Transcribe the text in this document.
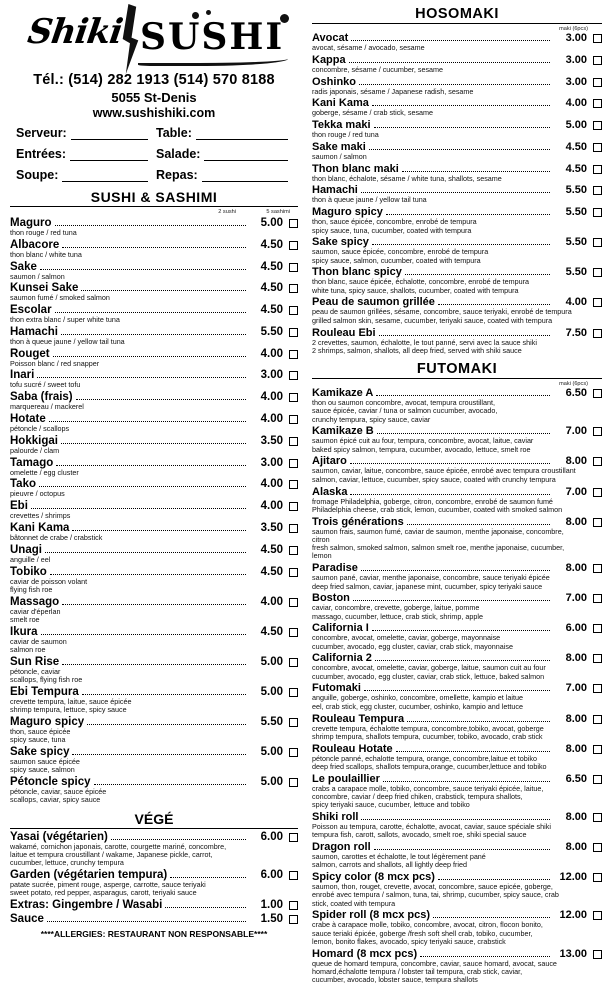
Shiki SUSHI
Tél.: (514) 282 1913 (514) 570 8188
5055 St-Denis
www.sushishiki.com
Serveur:	Table:
Entrées:	Salade:
Soupe:	Repas:
SUSHI & SASHIMI
2 sushi	5 sashimi
Maguro	5.00
thon rouge / red tuna
Albacore	4.50
thon blanc / white tuna
Sake	4.50
saumon / salmon
Kunsei Sake	4.50
saumon fumé / smoked salmon
Escolar	4.50
thon extra blanc / super white tuna
Hamachi	5.50
thon à queue jaune / yellow tail tuna
Rouget	4.00
Poisson blanc / red snapper
Inari	3.00
tofu sucré / sweet tofu
Saba (frais)	4.00
marquereau / mackerel
Hotate	4.00
pétoncle / scallops
Hokkigai	3.50
palourde / clam
Tamago	3.00
omelette / egg cluster
Tako	4.00
pieuvre / octopus
Ebi	4.00
crevettes / shrimps
Kani Kama	3.50
bâtonnet de crabe / crabstick
Unagi	4.50
anguille / eel
Tobiko	4.50
caviar de poisson volant
flying fish roe
Massago	4.00
caviar d'éperlan
smelt roe
Ikura	4.50
caviar de saumon
salmon roe
Sun Rise	5.00
pétoncle, caviar
scallops, flying fish roe
Ebi Tempura	5.00
crevette tempura, laitue, sauce épicée
shrimp tempura, lettuce, spicy sauce
Maguro spicy	5.50
thon, sauce épicée
spicy sauce, tuna
Sake spicy	5.00
saumon sauce épicée
spicy sauce, salmon
Pétoncle spicy	5.00
pétoncle, caviar, sauce épicée
scallops, caviar, spicy sauce
VÉGÉ
Yasai (végétarien)	6.00
wakamé, cornichon japonais, carotte, courgette mariné, concombre,
laitue et tempura croustillant / wakame, Japanese pickle, carrot,
cucumber, lettuce, crunchy tempura
Garden (végétarien tempura)	6.00
patate sucrée, piment rouge, asperge, carrotte, sauce teriyaki
sweet potato, red pepper, asparagus, carott, teriyaki sauce
Extras: Gingembre / Wasabi	1.00
Sauce	1.50
****ALLERGIES: RESTAURANT NON RESPONSABLE****
HOSOMAKI
maki (6pcs)
Avocat	3.00
avocat, sésame / avocado, sesame
Kappa	3.00
concombre, sésame / cucumber, sesame
Oshinko	3.00
radis japonais, sésame / Japanese radish, sesame
Kani Kama	4.00
goberge, sésame / crab stick, sesame
Tekka maki	5.00
thon rouge / red tuna
Sake maki	4.50
saumon / salmon
Thon blanc maki	4.50
thon blanc, échalote, sésame / white tuna, shallots, sesame
Hamachi	5.50
thon à queue jaune / yellow tail tuna
Maguro spicy	5.50
thon, sauce épicée, concombre, enrobé de tempura
spicy sauce, tuna, cucumber, coated with tempura
Sake spicy	5.50
saumon, sauce épicée, concombre, enrobé de tempura
spicy sauce, salmon, cucumber, coated with tempura
Thon blanc spicy	5.50
thon blanc, sauce épicée, échalotte, concombre, enrobé de tempura
white tuna, spicy sauce, shallots, cucumber, coated with tempura
Peau de saumon grillée	4.00
peau de saumon grillées, sésame, concombre, sauce teriyaki, enrobé de tempura
grilled salmon skin, sesame, cucumber, teriyaki sauce, coated with tempura
Rouleau Ebi	7.50
2 crevettes, saumon, échalotte, le tout panné, servi avec la sauce shiki
2 shrimps, salmon, shallots, all deep fried, served with shiki sauce
FUTOMAKI
maki (6pcs)
Kamikaze A	6.50
thon ou saumon concombre, avocat, tempura croustillant,
sauce épicée, caviar / tuna or salmon cucumber, avocado,
crunchy tempura, spicy sauce, caviar
Kamikaze B	7.00
saumon épicé cuit au four, tempura, concombre, avocat, laitue, caviar
baked spicy salmon, tempura, cucumber, avocado, lettuce, smelt roe
Ajitaro	8.00
saumon, caviar, laitue, concombre, sauce épicée, enrobé avec tempura croustillant
salmon, caviar, lettuce, cucumber, spicy sauce, coated with crunchy tempura
Alaska	7.00
fromage Philadelphia, goberge, citron, concombre, enrobé de saumon fumé
Philadelphia cheese, crab stick, lemon, cucumber, coated with smoked salmon
Trois générations	8.00
saumon frais, saumon fumé, caviar de saumon, menthe japonaise, concombre, citron
fresh salmon, smoked salmon, salmon smelt roe, menthe japonaise, cucumber, lemon
Paradise	8.00
saumon pané, caviar, menthe japonaise, concombre, sauce teriyaki épicée
deep fried salmon, caviar, japanese mint, cucumber, spicy teriyaki sauce
Boston	7.00
caviar, concombre, crevette, goberge, laitue, pomme
massago, cucumber, lettuce, crab stick, shrimp, apple
California I	6.00
concombre, avocat, omelette, caviar, goberge, mayonnaise
cucumber, avocado, egg cluster, caviar, crab stick, mayonnaise
California 2	8.00
concombre, avocat, omelette, caviar, goberge, laitue, saumon cuit au four
cucumber, avocado, egg cluster, caviar, crab stick, lettuce, baked salmon
Futomaki	7.00
anguille, goberge, oshinko, concombre, omellette, kampio et laitue
eel, crab stick, egg cluster, cucumber, oshinko, kampio and lettuce
Rouleau Tempura	8.00
crevette tempura, échalotte tempura, concombre,tobiko, avocat, goberge
shrimp tempura, shallots tempura, cucumber, tobiko, avocado, crab stick
Rouleau Hotate	8.00
pétoncle panné, echalotte tempura, orange, concombre,laitue et tobiko
deep fried scallops, shallots tempura,orange, cucumber,lettuce and tobiko
Le poulaillier	6.50
crabs a carapace molle, tobiko, concombre, sauce teriyaki épicée, laitue,
concombre, caviar / deep fried chiken, crabstick, tempura shallots,
spicy teriyaki sauce, cucumber, lettuce and tobiko
Shiki roll	8.00
Poisson au tempura, carotte, échalotte, avocat, caviar, sauce spéciale shiki
tempura fish, carott, sallots, avocado, smelt roe, shiki special sauce
Dragon roll	8.00
saumon, carottes et échalotte, le tout légèrement pané
salmon, carrots and shallots, all lightly deep fried
Spicy color (8 mcx pcs)	12.00
saumon, thon, rouget, crevette, avocat, concombre, sauce epicée, goberge,
enrobé avec tempura / salmon, tuna, tai, shrimp, cucumber, spicy sauce, crab
stick, coated with tempura
Spider roll (8 mcx pcs)	12.00
crabe à carapace molle, tobiko, concombre, avocat, citron, flocon bonito,
sauce teriaki épicée, goberge /fresh soft shell crab, tobiko, cucumber,
lemon, bonito flakes, avocado, spicy teriyaki sauce, crabstick
Homard (8 mcx pcs)	13.00
queue de homard tempura, concombre, caviar, sauce homard, avocat, sauce
homard,échalotte tempura / lobster tail tempura, crab stick, caviar,
cucumber, avocado, lobster sauce, tempura shallots
